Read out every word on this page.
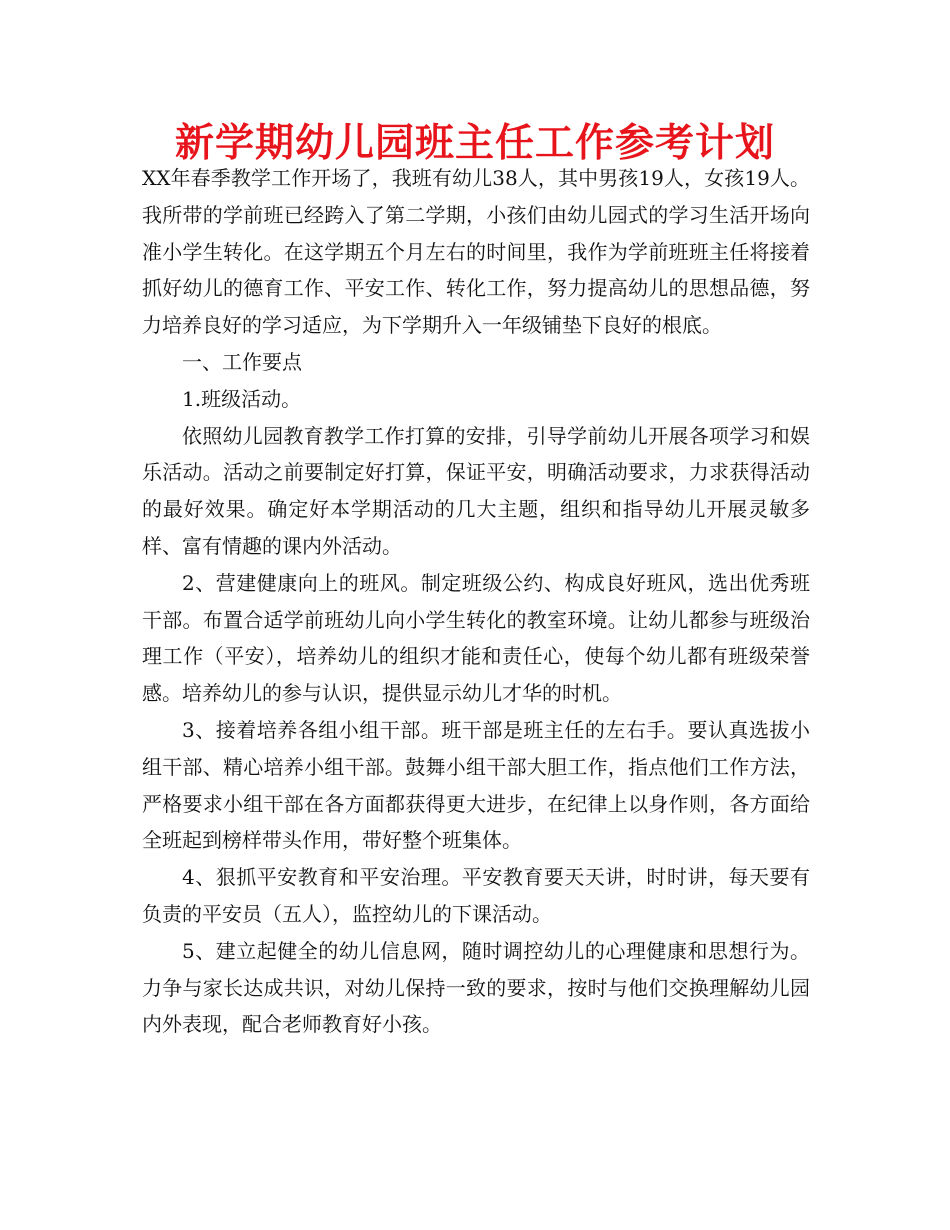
新学期幼儿园班主任工作参考计划

XX年春季教学工作开场了，我班有幼儿38人，其中男孩19人，女孩19人。我所带的学前班已经跨入了第二学期，小孩们由幼儿园式的学习生活开场向准小学生转化。在这学期五个月左右的时间里，我作为学前班班主任将接着抓好幼儿的德育工作、平安工作、转化工作，努力提高幼儿的思想品德，努力培养良好的学习适应，为下学期升入一年级铺垫下良好的根底。

一、工作要点

1.班级活动。

依照幼儿园教育教学工作打算的安排，引导学前幼儿开展各项学习和娱乐活动。活动之前要制定好打算，保证平安，明确活动要求，力求获得活动的最好效果。确定好本学期活动的几大主题，组织和指导幼儿开展灵敏多样、富有情趣的课内外活动。

2、营建健康向上的班风。制定班级公约、构成良好班风，选出优秀班干部。布置合适学前班幼儿向小学生转化的教室环境。让幼儿都参与班级治理工作（平安），培养幼儿的组织才能和责任心，使每个幼儿都有班级荣誉感。培养幼儿的参与认识，提供显示幼儿才华的时机。

3、接着培养各组小组干部。班干部是班主任的左右手。要认真选拔小组干部、精心培养小组干部。鼓舞小组干部大胆工作，指点他们工作方法，严格要求小组干部在各方面都获得更大进步，在纪律上以身作则，各方面给全班起到榜样带头作用，带好整个班集体。

4、狠抓平安教育和平安治理。平安教育要天天讲，时时讲，每天要有负责的平安员（五人），监控幼儿的下课活动。

5、建立起健全的幼儿信息网，随时调控幼儿的心理健康和思想行为。力争与家长达成共识，对幼儿保持一致的要求，按时与他们交换理解幼儿园内外表现，配合老师教育好小孩。
